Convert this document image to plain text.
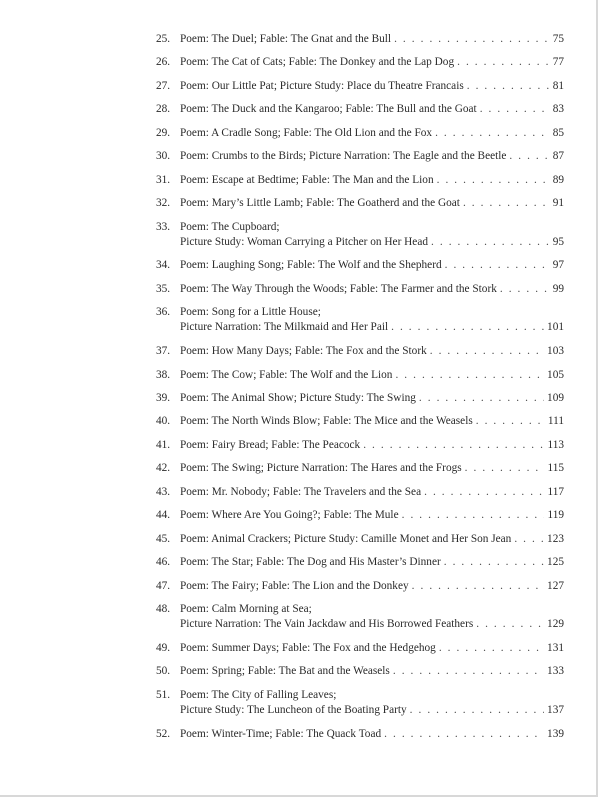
25. Poem: The Duel; Fable: The Gnat and the Bull . . .	75
26. Poem: The Cat of Cats; Fable: The Donkey and the Lap Dog . . .	77
27. Poem: Our Little Pat; Picture Study: Place du Theatre Francais . . .	81
28. Poem: The Duck and the Kangaroo; Fable: The Bull and the Goat . . .	83
29. Poem: A Cradle Song; Fable: The Old Lion and the Fox . . .	85
30. Poem: Crumbs to the Birds; Picture Narration: The Eagle and the Beetle . . .	87
31. Poem: Escape at Bedtime; Fable: The Man and the Lion . . .	89
32. Poem: Mary’s Little Lamb; Fable: The Goatherd and the Goat . . .	91
33. Poem: The Cupboard;
Picture Study: Woman Carrying a Pitcher on Her Head . . .	95
34. Poem: Laughing Song; Fable: The Wolf and the Shepherd . . .	97
35. Poem: The Way Through the Woods; Fable: The Farmer and the Stork . . .	99
36. Poem: Song for a Little House;
Picture Narration: The Milkmaid and Her Pail . . .	101
37. Poem: How Many Days; Fable: The Fox and the Stork . . .	103
38. Poem: The Cow; Fable: The Wolf and the Lion . . .	105
39. Poem: The Animal Show; Picture Study: The Swing . . .	109
40. Poem: The North Winds Blow; Fable: The Mice and the Weasels . . .	111
41. Poem: Fairy Bread; Fable: The Peacock . . .	113
42. Poem: The Swing; Picture Narration: The Hares and the Frogs . . .	115
43. Poem: Mr. Nobody; Fable: The Travelers and the Sea . . .	117
44. Poem: Where Are You Going?; Fable: The Mule . . .	119
45. Poem: Animal Crackers; Picture Study: Camille Monet and Her Son Jean . . .	123
46. Poem: The Star; Fable: The Dog and His Master’s Dinner . . .	125
47. Poem: The Fairy; Fable: The Lion and the Donkey . . .	127
48. Poem: Calm Morning at Sea;
Picture Narration: The Vain Jackdaw and His Borrowed Feathers . . .	129
49. Poem: Summer Days; Fable: The Fox and the Hedgehog . . .	131
50. Poem: Spring; Fable: The Bat and the Weasels . . .	133
51. Poem: The City of Falling Leaves;
Picture Study: The Luncheon of the Boating Party . . .	137
52. Poem: Winter-Time; Fable: The Quack Toad . . .	139
